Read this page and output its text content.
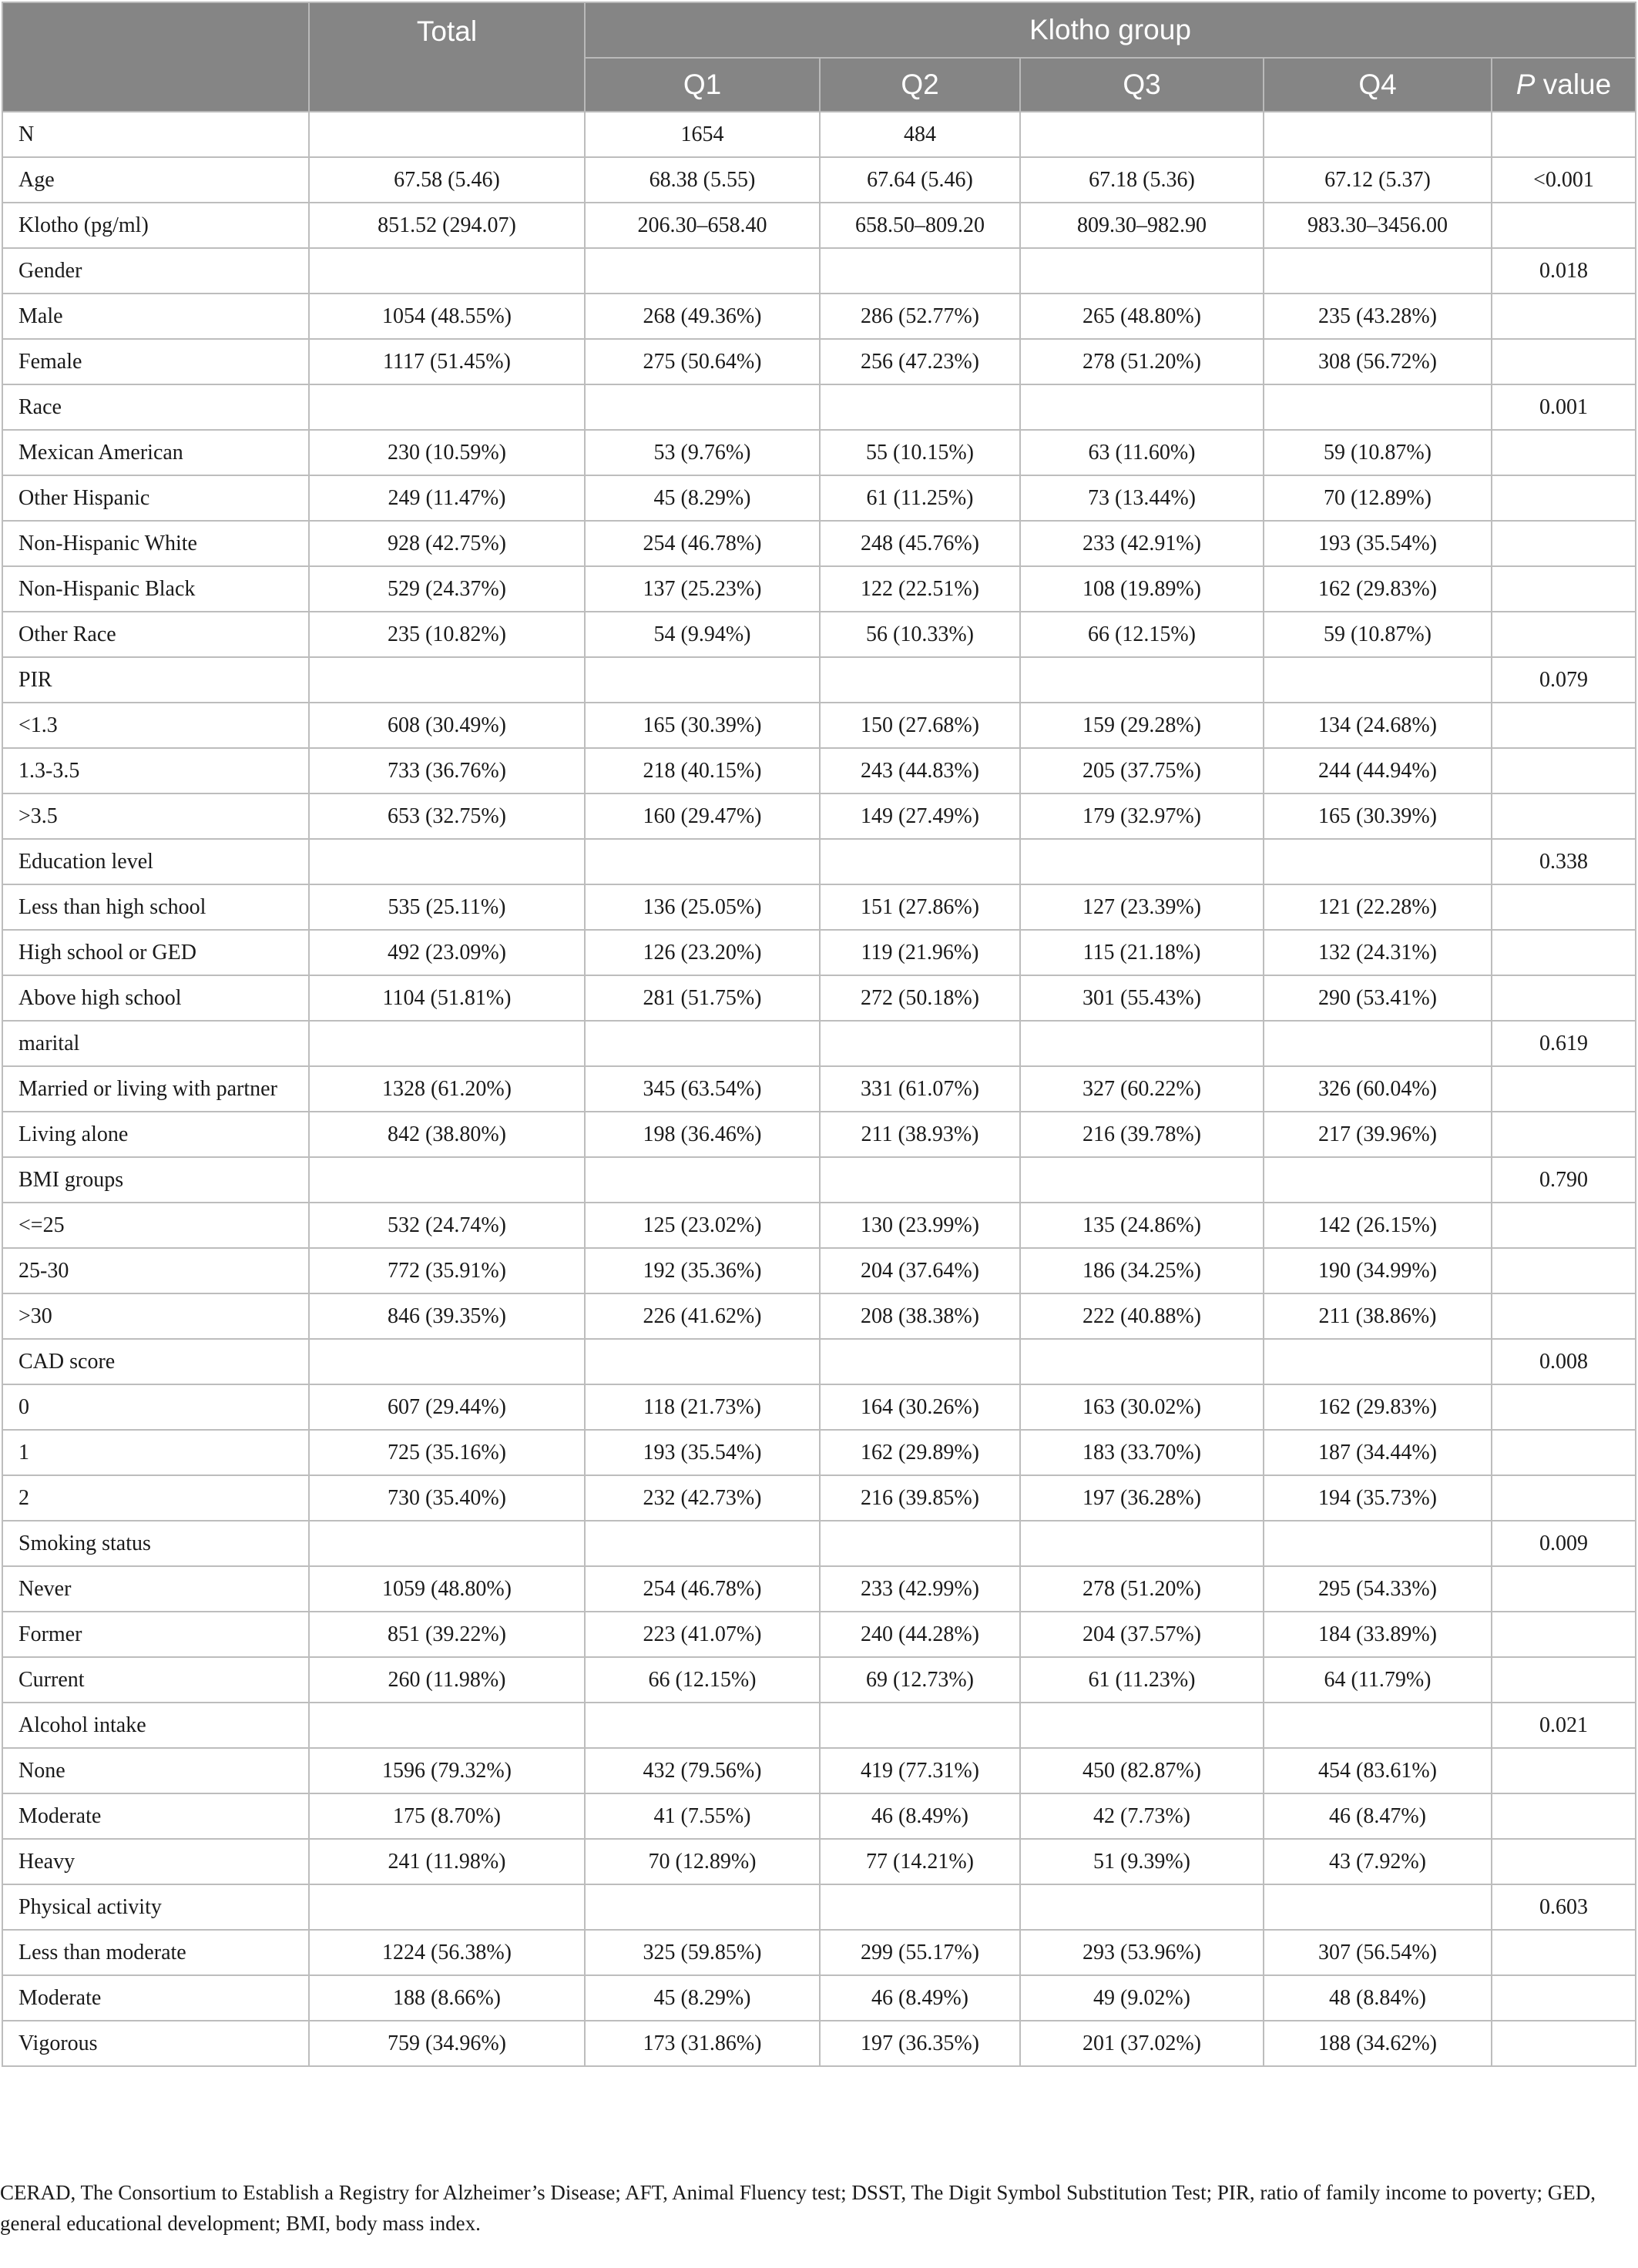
	Total	Klotho group				
		Q1	Q2	Q3	Q4	P value
N		1654	484			
Age	67.58 (5.46)	68.38 (5.55)	67.64 (5.46)	67.18 (5.36)	67.12 (5.37)	<0.001
Klotho (pg/ml)	851.52 (294.07)	206.30–658.40	658.50–809.20	809.30–982.90	983.30–3456.00	
Gender						0.018
Male	1054 (48.55%)	268 (49.36%)	286 (52.77%)	265 (48.80%)	235 (43.28%)	
Female	1117 (51.45%)	275 (50.64%)	256 (47.23%)	278 (51.20%)	308 (56.72%)	
Race						0.001
Mexican American	230 (10.59%)	53 (9.76%)	55 (10.15%)	63 (11.60%)	59 (10.87%)	
Other Hispanic	249 (11.47%)	45 (8.29%)	61 (11.25%)	73 (13.44%)	70 (12.89%)	
Non-Hispanic White	928 (42.75%)	254 (46.78%)	248 (45.76%)	233 (42.91%)	193 (35.54%)	
Non-Hispanic Black	529 (24.37%)	137 (25.23%)	122 (22.51%)	108 (19.89%)	162 (29.83%)	
Other Race	235 (10.82%)	54 (9.94%)	56 (10.33%)	66 (12.15%)	59 (10.87%)	
PIR						0.079
<1.3	608 (30.49%)	165 (30.39%)	150 (27.68%)	159 (29.28%)	134 (24.68%)	
1.3-3.5	733 (36.76%)	218 (40.15%)	243 (44.83%)	205 (37.75%)	244 (44.94%)	
>3.5	653 (32.75%)	160 (29.47%)	149 (27.49%)	179 (32.97%)	165 (30.39%)	
Education level						0.338
Less than high school	535 (25.11%)	136 (25.05%)	151 (27.86%)	127 (23.39%)	121 (22.28%)	
High school or GED	492 (23.09%)	126 (23.20%)	119 (21.96%)	115 (21.18%)	132 (24.31%)	
Above high school	1104 (51.81%)	281 (51.75%)	272 (50.18%)	301 (55.43%)	290 (53.41%)	
marital						0.619
Married or living with partner	1328 (61.20%)	345 (63.54%)	331 (61.07%)	327 (60.22%)	326 (60.04%)	
Living alone	842 (38.80%)	198 (36.46%)	211 (38.93%)	216 (39.78%)	217 (39.96%)	
BMI groups						0.790
<=25	532 (24.74%)	125 (23.02%)	130 (23.99%)	135 (24.86%)	142 (26.15%)	
25-30	772 (35.91%)	192 (35.36%)	204 (37.64%)	186 (34.25%)	190 (34.99%)	
>30	846 (39.35%)	226 (41.62%)	208 (38.38%)	222 (40.88%)	211 (38.86%)	
CAD score						0.008
0	607 (29.44%)	118 (21.73%)	164 (30.26%)	163 (30.02%)	162 (29.83%)	
1	725 (35.16%)	193 (35.54%)	162 (29.89%)	183 (33.70%)	187 (34.44%)	
2	730 (35.40%)	232 (42.73%)	216 (39.85%)	197 (36.28%)	194 (35.73%)	
Smoking status						0.009
Never	1059 (48.80%)	254 (46.78%)	233 (42.99%)	278 (51.20%)	295 (54.33%)	
Former	851 (39.22%)	223 (41.07%)	240 (44.28%)	204 (37.57%)	184 (33.89%)	
Current	260 (11.98%)	66 (12.15%)	69 (12.73%)	61 (11.23%)	64 (11.79%)	
Alcohol intake						0.021
None	1596 (79.32%)	432 (79.56%)	419 (77.31%)	450 (82.87%)	454 (83.61%)	
Moderate	175 (8.70%)	41 (7.55%)	46 (8.49%)	42 (7.73%)	46 (8.47%)	
Heavy	241 (11.98%)	70 (12.89%)	77 (14.21%)	51 (9.39%)	43 (7.92%)	
Physical activity						0.603
Less than moderate	1224 (56.38%)	325 (59.85%)	299 (55.17%)	293 (53.96%)	307 (56.54%)	
Moderate	188 (8.66%)	45 (8.29%)	46 (8.49%)	49 (9.02%)	48 (8.84%)	
Vigorous	759 (34.96%)	173 (31.86%)	197 (36.35%)	201 (37.02%)	188 (34.62%)	
CERAD, The Consortium to Establish a Registry for Alzheimer’s Disease; AFT, Animal Fluency test; DSST, The Digit Symbol Substitution Test; PIR, ratio of family income to poverty; GED, general educational development; BMI, body mass index.
